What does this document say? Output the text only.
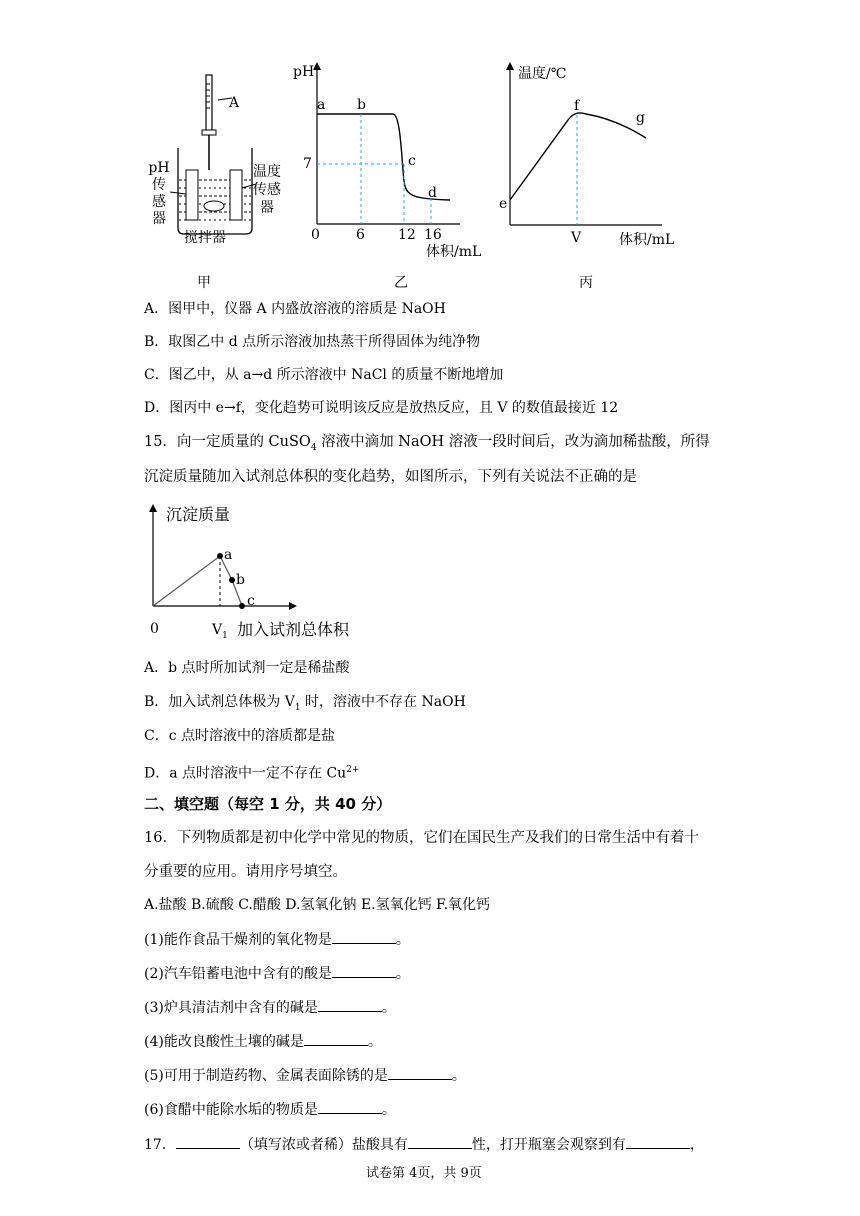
A
pH
传
感
器
温度
传感
器
搅拌器
甲
pH
a b
c
d
7
0	6 12 16
体积/mL
乙
温度/℃
e
f
g
V	体积/mL
丙
A．图甲中，仪器 A 内盛放溶液的溶质是 NaOH
B．取图乙中 d 点所示溶液加热蒸干所得固体为纯净物
C．图乙中，从 a→d 所示溶液中 NaCl 的质量不断地增加
D．图丙中 e→f，变化趋势可说明该反应是放热反应，且 V 的数值最接近 12
15．向一定质量的 CuSO$_4$ 溶液中滴加 NaOH 溶液一段时间后，改为滴加稀盐酸，所得
沉淀质量随加入试剂总体积的变化趋势，如图所示，下列有关说法不正确的是
沉淀质量
a
b
c
0	$V_1$ 加入试剂总体积
A．b 点时所加试剂一定是稀盐酸
B．加入试剂总体极为 $V_1$ 时，溶液中不存在 NaOH
C．c 点时溶液中的溶质都是盐
D．a 点时溶液中一定不存在 $Cu^{2+}$
二、填空题（每空 1 分，共 40 分）
16．下列物质都是初中化学中常见的物质，它们在国民生产及我们的日常生活中有着十
分重要的应用。请用序号填空。
A.盐酸 B.硫酸 C.醋酸 D.氢氧化钠 E.氢氧化钙 F.氧化钙
(1)能作食品干燥剂的氧化物是	。
(2)汽车铅蓄电池中含有的酸是	。
(3)炉具清洁剂中含有的碱是	。
(4)能改良酸性土壤的碱是	。
(5)可用于制造药物、金属表面除锈的是	。
(6)食醋中能除水垢的物质是	。
17．	（填写浓或者稀）盐酸具有	性，打开瓶塞会观察到有	，
试卷第 4页，共 9页
